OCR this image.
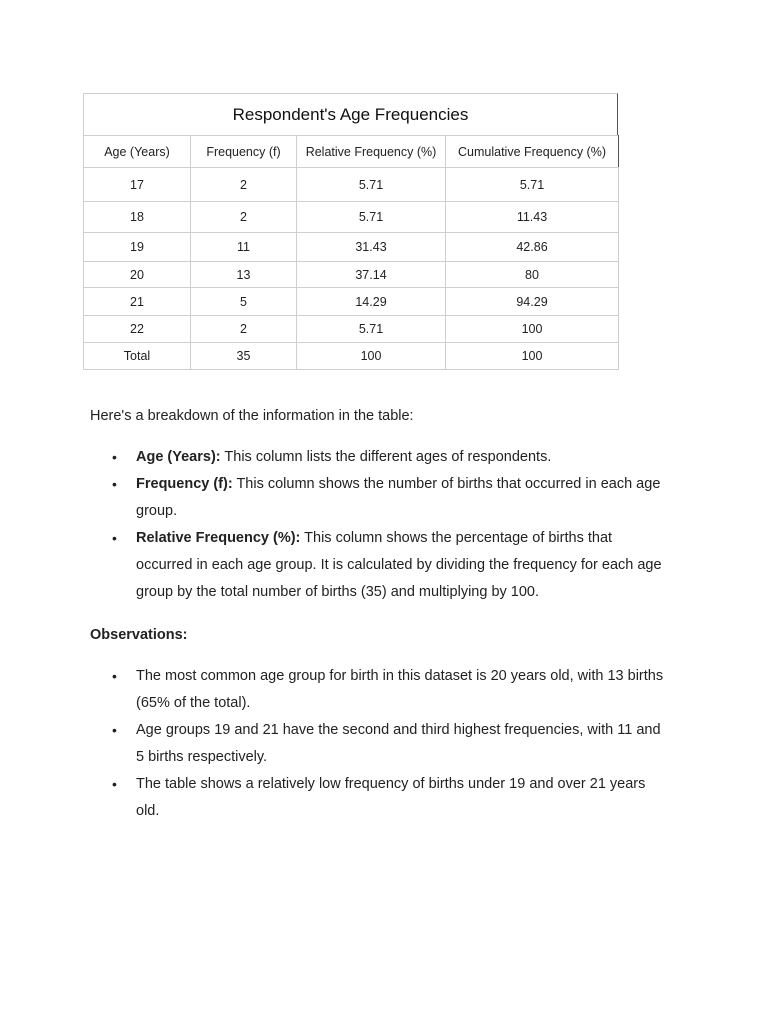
Respondent's Age Frequencies
Age (Years)	Frequency (f)	Relative Frequency (%)	Cumulative Frequency (%)
17	2	5.71	5.71
18	2	5.71	11.43
19	11	31.43	42.86
20	13	37.14	80
21	5	14.29	94.29
22	2	5.71	100
Total	35	100	100

Here's a breakdown of the information in the table:

• Age (Years): This column lists the different ages of respondents.
• Frequency (f): This column shows the number of births that occurred in each age group.
• Relative Frequency (%): This column shows the percentage of births that occurred in each age group. It is calculated by dividing the frequency for each age group by the total number of births (35) and multiplying by 100.
Observations:
• The most common age group for birth in this dataset is 20 years old, with 13 births (65% of the total).
• Age groups 19 and 21 have the second and third highest frequencies, with 11 and 5 births respectively.
• The table shows a relatively low frequency of births under 19 and over 21 years old.
